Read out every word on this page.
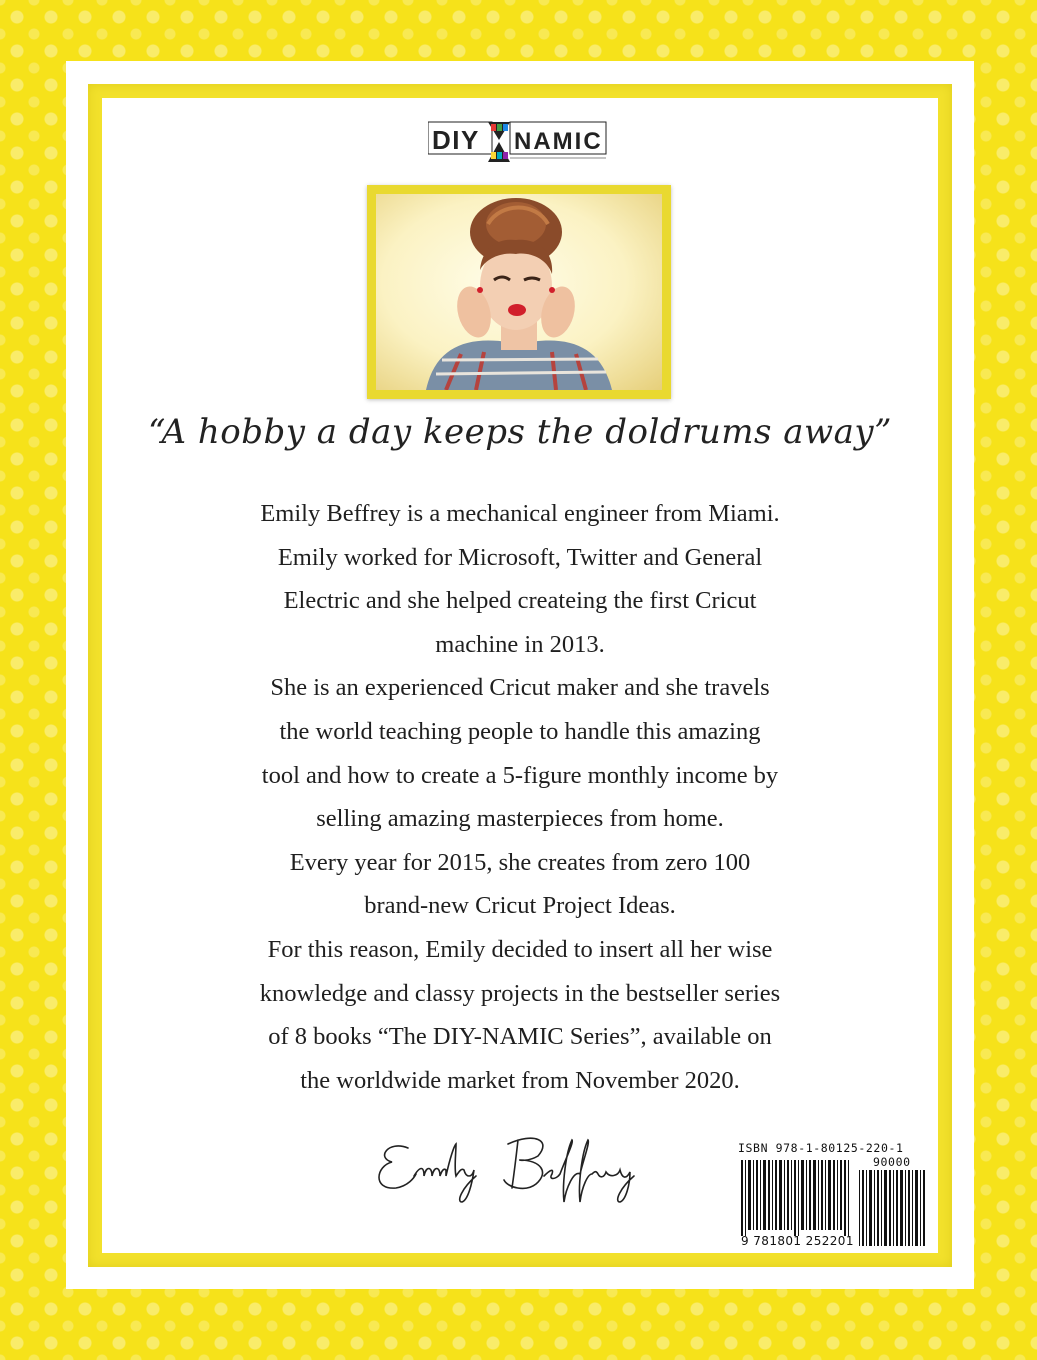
DIY NAMIC
“A hobby a day keeps the doldrums away”
Emily Beffrey is a mechanical engineer from Miami.
Emily worked for Microsoft, Twitter and General
Electric and she helped createing the first Cricut
machine in 2013.
She is an experienced Cricut maker and she travels
the world teaching people to handle this amazing
tool and how to create a 5-figure monthly income by
selling amazing masterpieces from home.
Every year for 2015, she creates from zero 100
brand-new Cricut Project Ideas.
For this reason, Emily decided to insert all her wise
knowledge and classy projects in the bestseller series
of 8 books “The DIY-NAMIC Series”, available on
the worldwide market from November 2020.
ISBN 978-1-80125-220-1
90000
9 781801 252201
